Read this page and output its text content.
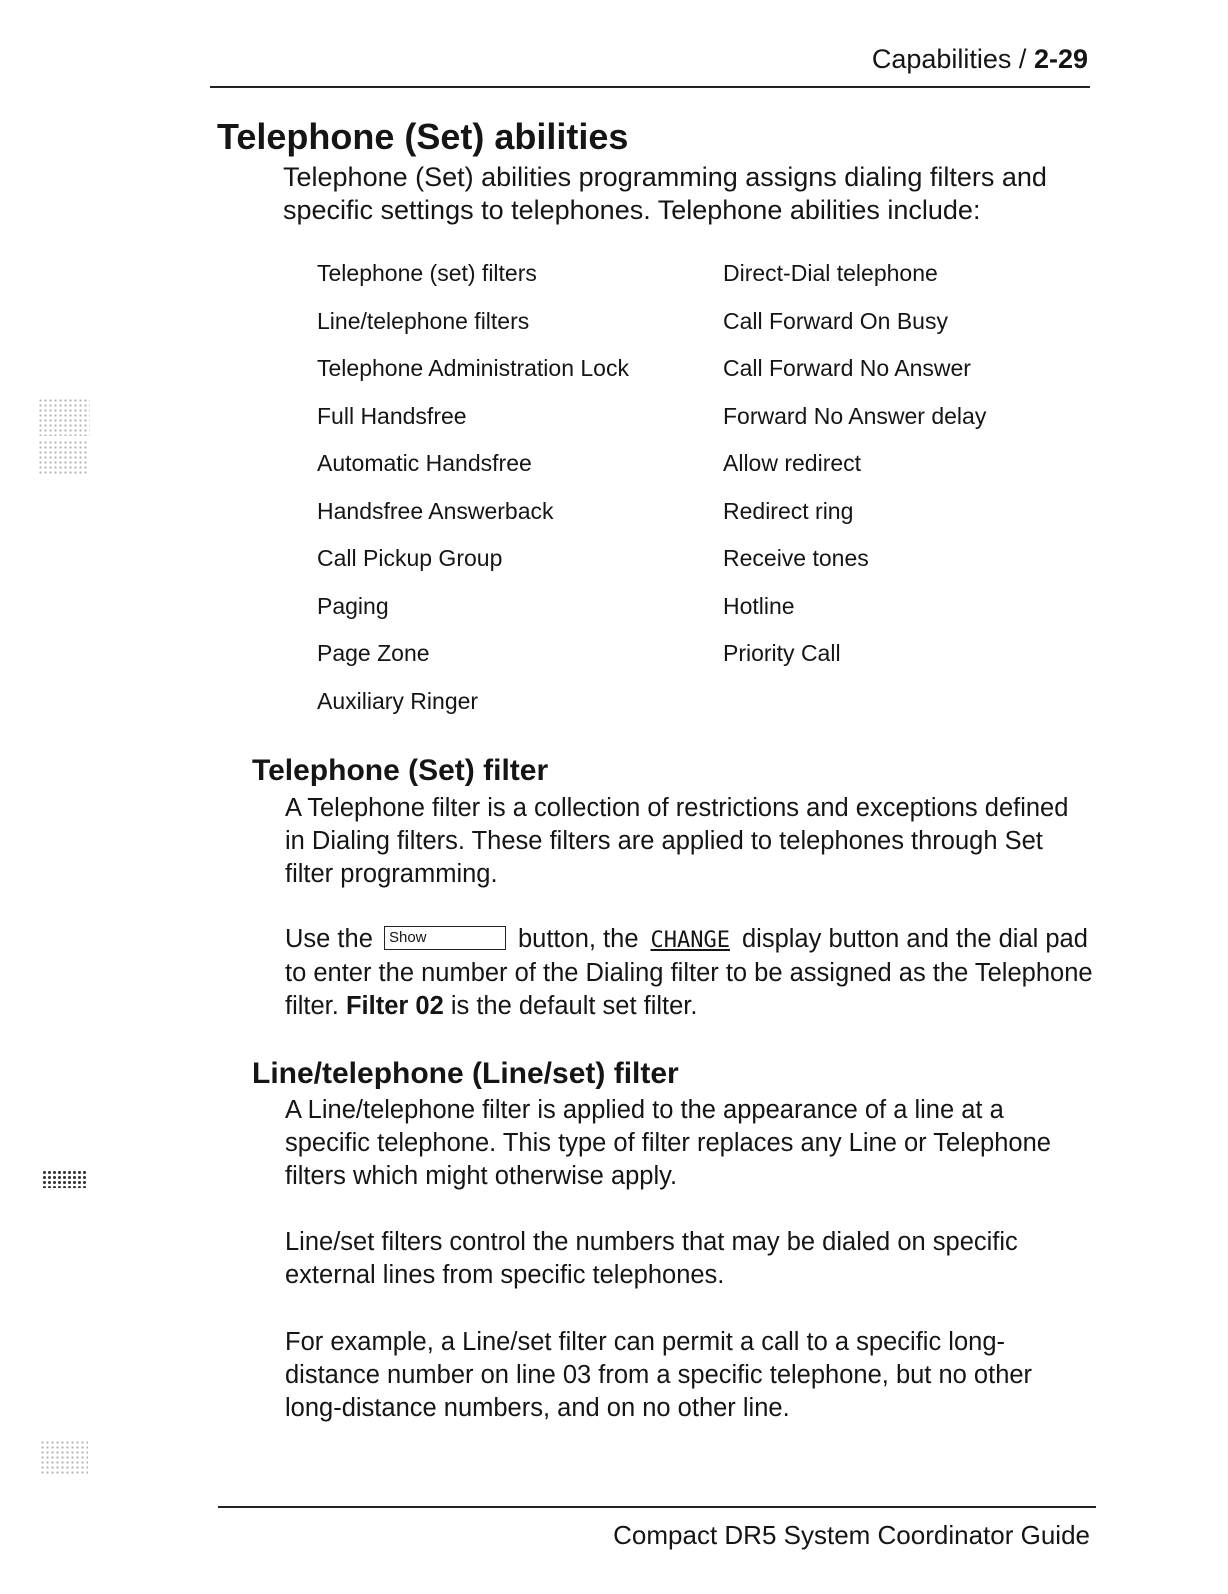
Capabilities / 2-29
Telephone (Set) abilities
Telephone (Set) abilities programming assigns dialing filters and specific settings to telephones. Telephone abilities include:
Telephone (set) filters
Line/telephone filters
Telephone Administration Lock
Full Handsfree
Automatic Handsfree
Handsfree Answerback
Call Pickup Group
Paging
Page Zone
Auxiliary Ringer
Direct-Dial telephone
Call Forward On Busy
Call Forward No Answer
Forward No Answer delay
Allow redirect
Redirect ring
Receive tones
Hotline
Priority Call
Telephone (Set) filter
A Telephone filter is a collection of restrictions and exceptions defined in Dialing filters. These filters are applied to telephones through Set filter programming.
Use the Show	button, the CHANGE display button and the dial pad to enter the number of the Dialing filter to be assigned as the Telephone filter. Filter 02 is the default set filter.
Line/telephone (Line/set) filter
A Line/telephone filter is applied to the appearance of a line at a specific telephone. This type of filter replaces any Line or Telephone filters which might otherwise apply.
Line/set filters control the numbers that may be dialed on specific external lines from specific telephones.
For example, a Line/set filter can permit a call to a specific long-distance number on line 03 from a specific telephone, but no other long-distance numbers, and on no other line.
Compact DR5 System Coordinator Guide
